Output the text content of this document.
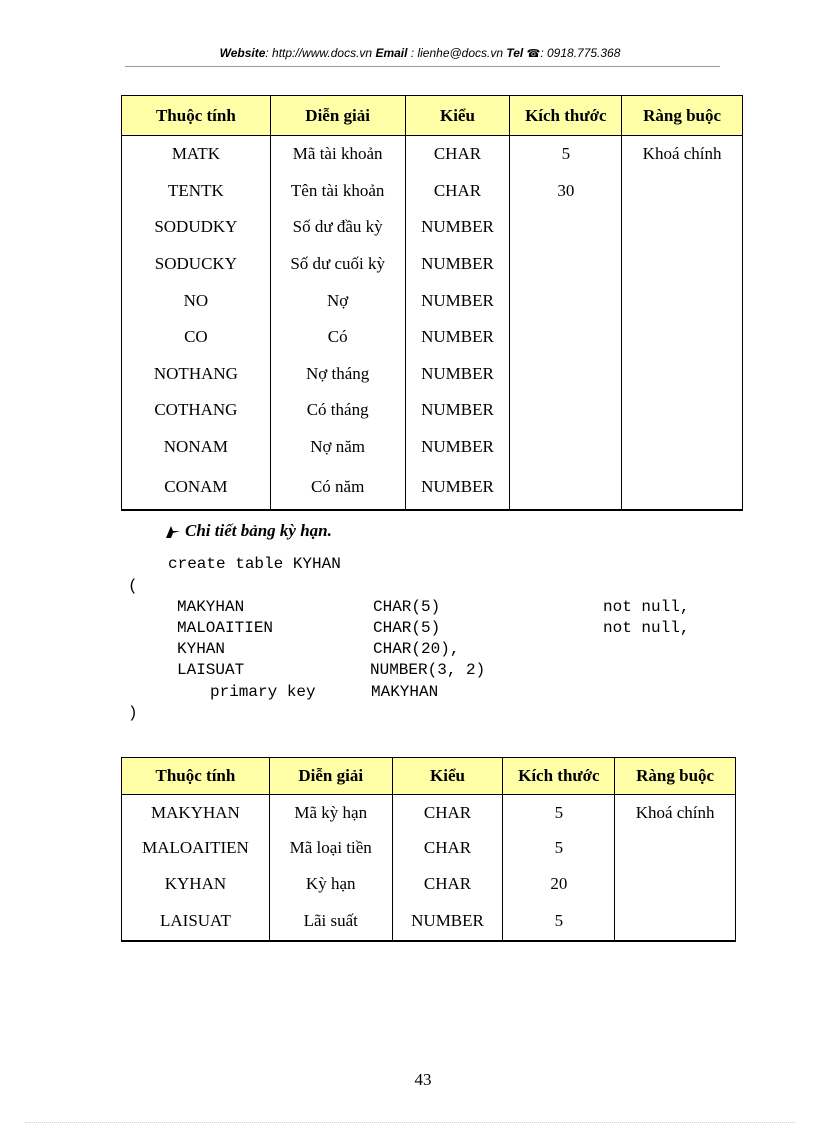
Website: http://www.docs.vn Email : lienhe@docs.vn Tel ☎: 0918.775.368
Thuộc tính	Diễn giải	Kiểu	Kích thước	Ràng buộc
MATK	Mã tài khoản	CHAR	5	Khoá chính
TENTK	Tên tài khoản	CHAR	30	
SODUDKY	Số dư đầu kỳ	NUMBER		
SODUCKY	Số dư cuối kỳ	NUMBER		
NO	Nợ	NUMBER		
CO	Có	NUMBER		
NOTHANG	Nợ tháng	NUMBER		
COTHANG	Có tháng	NUMBER		
NONAM	Nợ năm	NUMBER		
CONAM	Có năm	NUMBER		
Chi tiết bảng kỳ hạn.
create table KYHAN
(
MAKYHAN	CHAR(5)	not null,
MALOAITIEN	CHAR(5)	not null,
KYHAN	CHAR(20),
LAISUAT	NUMBER(3, 2)
primary key	MAKYHAN
)
Thuộc tính	Diễn giải	Kiểu	Kích thước	Ràng buộc
MAKYHAN	Mã kỳ hạn	CHAR	5	Khoá chính
MALOAITIEN	Mã loại tiền	CHAR	5	
KYHAN	Kỳ hạn	CHAR	20	
LAISUAT	Lãi suất	NUMBER	5	
43
